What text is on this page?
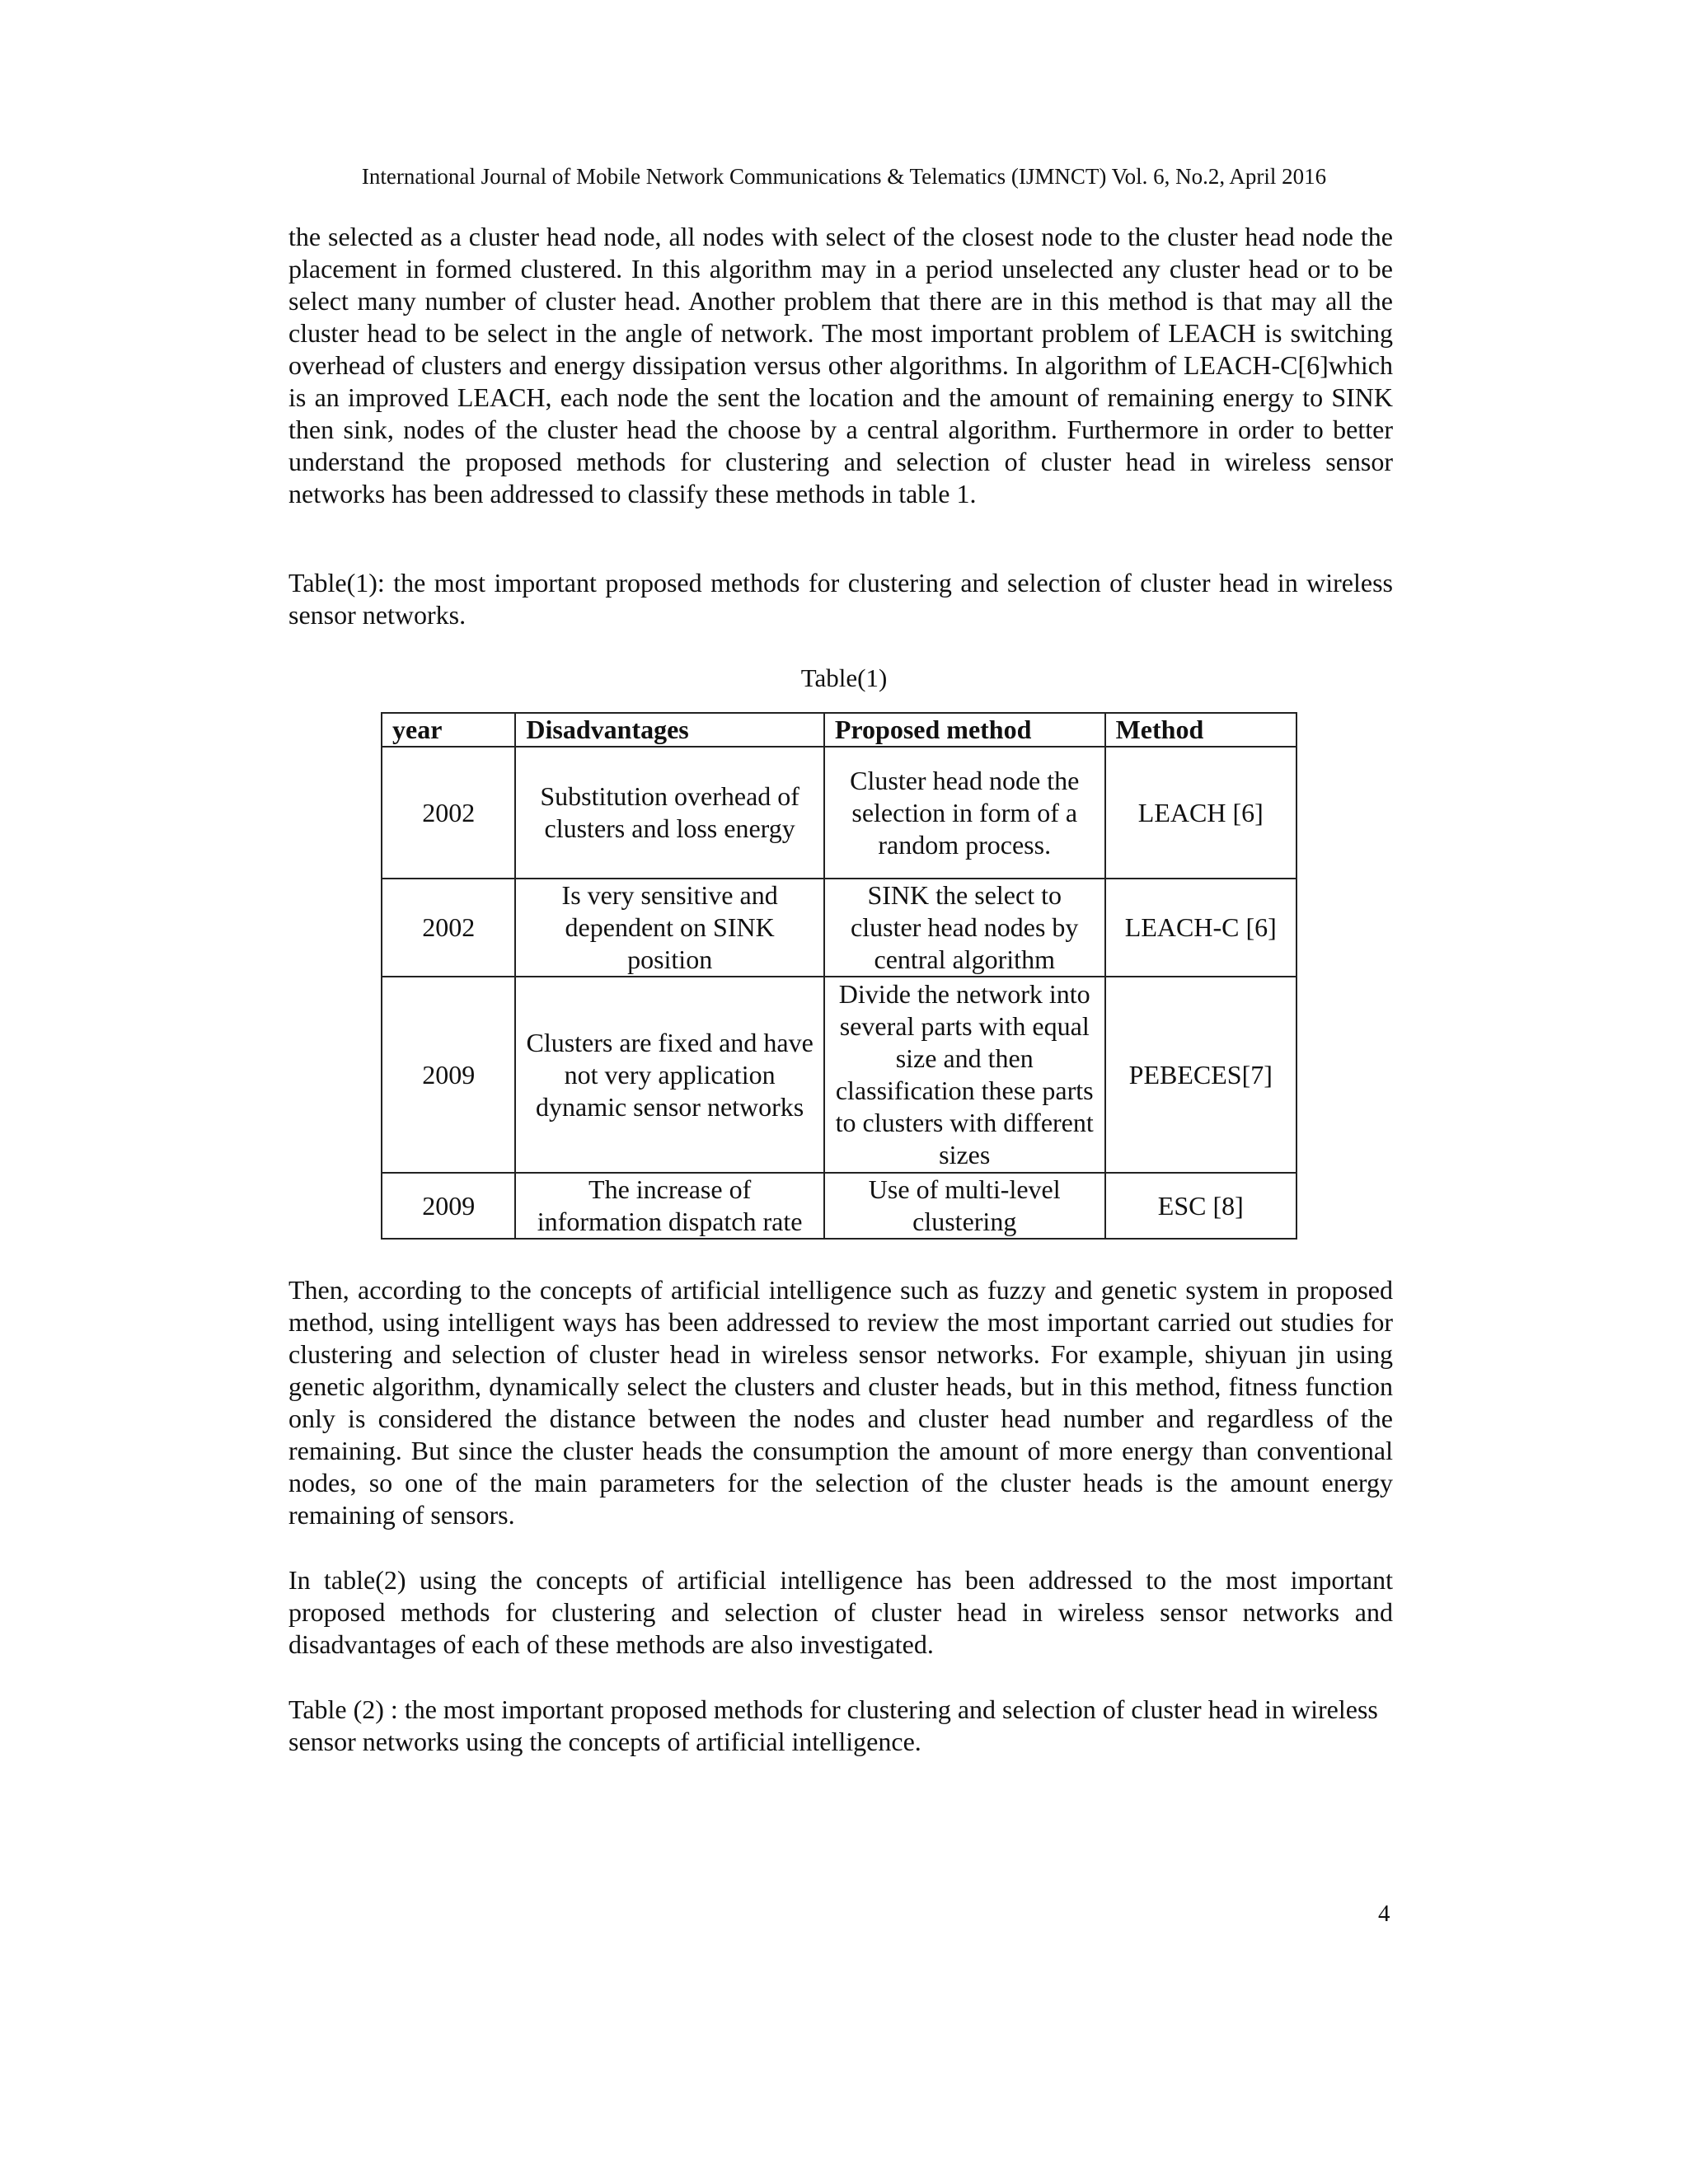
International Journal of Mobile Network Communications & Telematics (IJMNCT) Vol. 6, No.2, April 2016

the selected as a cluster head node, all nodes with select of the closest node to the cluster head node the placement in formed clustered. In this algorithm may in a period unselected any cluster head or to be select many number of cluster head. Another problem that there are in this method is that may all the cluster head to be select in the angle of network. The most important problem of LEACH is switching overhead of clusters and energy dissipation versus other algorithms. In algorithm of LEACH-C[6]which is an improved LEACH, each node the sent the location and the amount of remaining energy to SINK then sink, nodes of the cluster head the choose by a central algorithm. Furthermore in order to better understand the proposed methods for clustering and selection of cluster head in wireless sensor networks has been addressed to classify these methods in table 1.

Table(1): the most important proposed methods for clustering and selection of cluster head in wireless sensor networks.

Table(1)
year	Disadvantages	Proposed method	Method
2002	Substitution overhead of clusters and loss energy	Cluster head node the selection in form of a random process.	LEACH [6]
2002	Is very sensitive and dependent on SINK position	SINK the select to cluster head nodes by central algorithm	LEACH-C [6]
2009	Clusters are fixed and have not very application dynamic sensor networks	Divide the network into several parts with equal size and then classification these parts to clusters with different sizes	PEBECES[7]
2009	The increase of information dispatch rate	Use of multi-level clustering	ESC [8]

Then, according to the concepts of artificial intelligence such as fuzzy and genetic system in proposed method, using intelligent ways has been addressed to review the most important carried out studies for clustering and selection of cluster head in wireless sensor networks. For example, shiyuan jin using genetic algorithm, dynamically select the clusters and cluster heads, but in this method, fitness function only is considered the distance between the nodes and cluster head number and regardless of the remaining. But since the cluster heads the consumption the amount of more energy than conventional nodes, so one of the main parameters for the selection of the cluster heads is the amount energy remaining of sensors.

In table(2) using the concepts of artificial intelligence has been addressed to the most important proposed methods for clustering and selection of cluster head in wireless sensor networks and disadvantages of each of these methods are also investigated.

Table (2) : the most important proposed methods for clustering and selection of cluster head in wireless sensor networks using the concepts of artificial intelligence.

4
